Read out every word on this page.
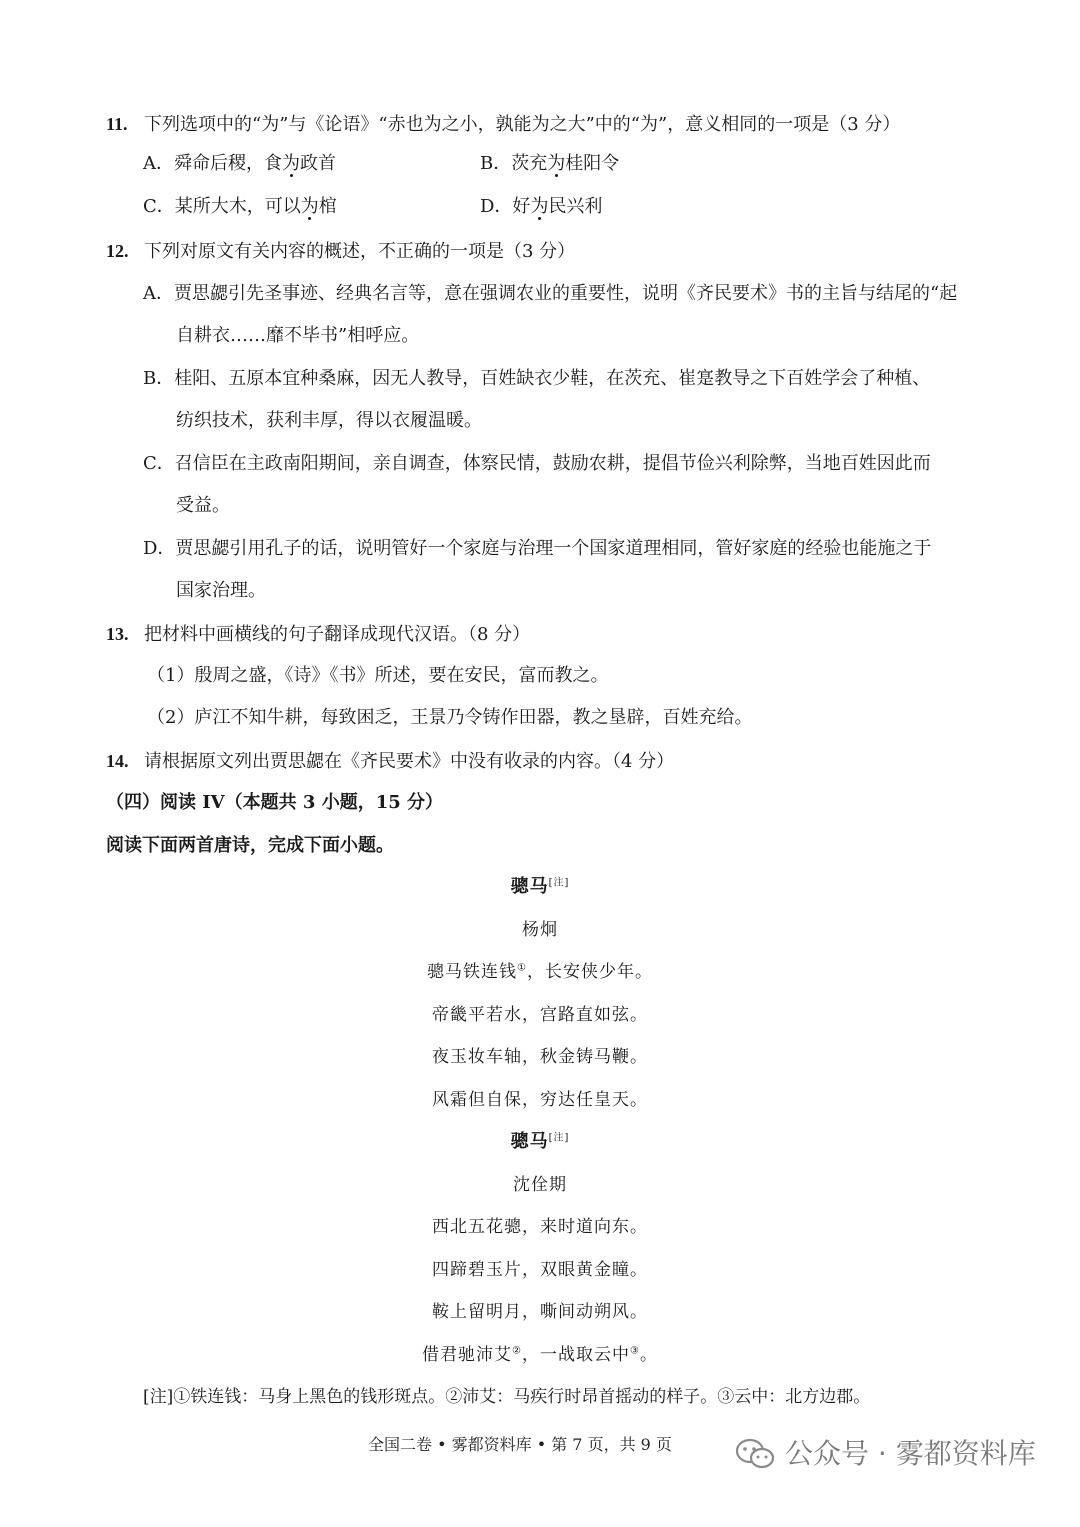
11. 下列选项中的“为”与《论语》“赤也为之小，孰能为之大”中的“为”，意义相同的一项是（3 分）
A．舜命后稷，食为政首	B．茨充为桂阳令
C．某所大木，可以为棺	D．好为民兴利
12. 下列对原文有关内容的概述，不正确的一项是（3 分）
A．贾思勰引先圣事迹、经典名言等，意在强调农业的重要性，说明《齐民要术》书的主旨与结尾的“起
自耕衣……靡不毕书”相呼应。
B．桂阳、五原本宜种桑麻，因无人教导，百姓缺衣少鞋，在茨充、崔寔教导之下百姓学会了种植、
纺织技术，获利丰厚，得以衣履温暖。
C．召信臣在主政南阳期间，亲自调查，体察民情，鼓励农耕，提倡节俭兴利除弊，当地百姓因此而
受益。
D．贾思勰引用孔子的话，说明管好一个家庭与治理一个国家道理相同，管好家庭的经验也能施之于
国家治理。
13. 把材料中画横线的句子翻译成现代汉语。（8 分）
（1）殷周之盛，《诗》《书》所述，要在安民，富而教之。
（2）庐江不知牛耕，每致困乏，王景乃令铸作田器，教之垦辟，百姓充给。
14. 请根据原文列出贾思勰在《齐民要术》中没有收录的内容。（4 分）
（四）阅读 IV（本题共 3 小题，15 分）
阅读下面两首唐诗，完成下面小题。
骢马[注]
杨炯
骢马铁连钱①，长安侠少年。
帝畿平若水，宫路直如弦。
夜玉妆车轴，秋金铸马鞭。
风霜但自保，穷达任皇天。
骢马[注]
沈佺期
西北五花骢，来时道向东。
四蹄碧玉片，双眼黄金瞳。
鞍上留明月，嘶间动朔风。
借君驰沛艾②，一战取云中③。
[注]①铁连钱：马身上黑色的钱形斑点。②沛艾：马疾行时昂首摇动的样子。③云中：北方边郡。
全国二卷 • 雾都资料库 • 第 7 页，共 9 页	公众号 · 雾都资料库
